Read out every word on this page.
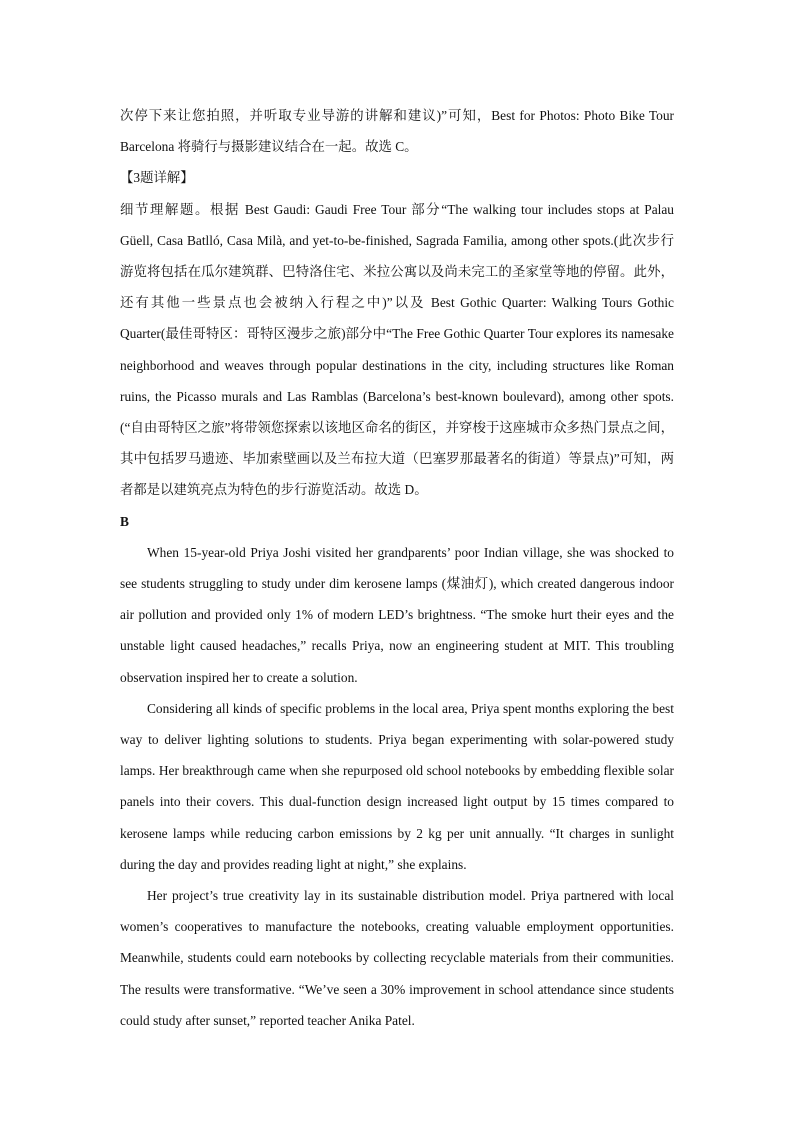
次停下来让您拍照，并听取专业导游的讲解和建议)”可知，Best for Photos: Photo Bike Tour Barcelona 将骑行与摄影建议结合在一起。故选 C。

【3题详解】

细节理解题。根据 Best Gaudi: Gaudi Free Tour 部分“The walking tour includes stops at Palau Güell, Casa Batlló, Casa Milà, and yet-to-be-finished, Sagrada Familia, among other spots.(此次步行游览将包括在瓜尔建筑群、巴特洛住宅、米拉公寓以及尚未完工的圣家堂等地的停留。此外，还有其他一些景点也会被纳入行程之中)”以及 Best Gothic Quarter: Walking Tours Gothic Quarter(最佳哥特区：哥特区漫步之旅)部分中“The Free Gothic Quarter Tour explores its namesake neighborhood and weaves through popular destinations in the city, including structures like Roman ruins, the Picasso murals and Las Ramblas (Barcelona’s best-known boulevard), among other spots.(“自由哥特区之旅”将带领您探索以该地区命名的街区，并穿梭于这座城市众多热门景点之间，其中包括罗马遗迹、毕加索壁画以及兰布拉大道（巴塞罗那最著名的街道）等景点)”可知，两者都是以建筑亮点为特色的步行游览活动。故选 D。

B

When 15-year-old Priya Joshi visited her grandparents’ poor Indian village, she was shocked to see students struggling to study under dim kerosene lamps (煤油灯), which created dangerous indoor air pollution and provided only 1% of modern LED’s brightness. “The smoke hurt their eyes and the unstable light caused headaches,” recalls Priya, now an engineering student at MIT. This troubling observation inspired her to create a solution.

Considering all kinds of specific problems in the local area, Priya spent months exploring the best way to deliver lighting solutions to students. Priya began experimenting with solar-powered study lamps. Her breakthrough came when she repurposed old school notebooks by embedding flexible solar panels into their covers. This dual-function design increased light output by 15 times compared to kerosene lamps while reducing carbon emissions by 2 kg per unit annually. “It charges in sunlight during the day and provides reading light at night,” she explains.

Her project’s true creativity lay in its sustainable distribution model. Priya partnered with local women’s cooperatives to manufacture the notebooks, creating valuable employment opportunities. Meanwhile, students could earn notebooks by collecting recyclable materials from their communities. The results were transformative. “We’ve seen a 30% improvement in school attendance since students could study after sunset,” reported teacher Anika Patel.
